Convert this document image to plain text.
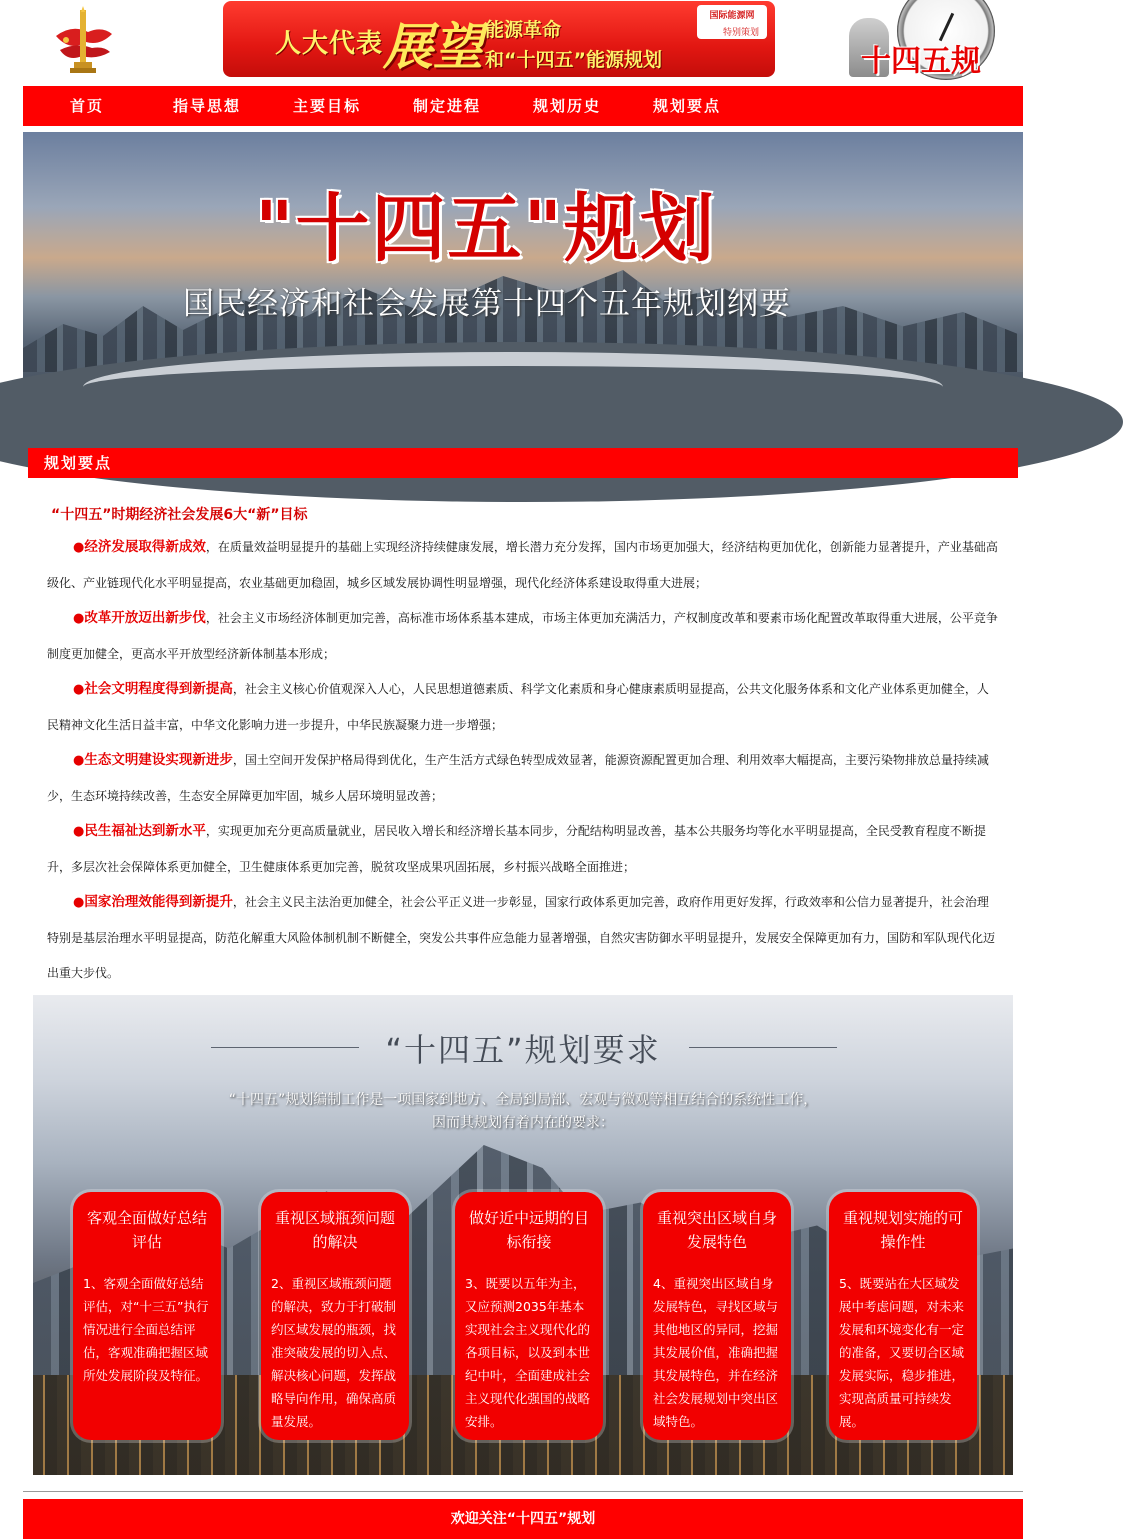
人大代表 展望 能源革命
和“十四五”能源规划
国际能源网
特别策划
十四五规
首页	指导思想	主要目标	制定进程	规划历史	规划要点
"十四五"规划
国民经济和社会发展第十四个五年规划纲要
规划要点
“十四五”时期经济社会发展6大“新”目标

●经济发展取得新成效，在质量效益明显提升的基础上实现经济持续健康发展，增长潜力充分发挥，国内市场更加强大，经济结构更加优化，创新能力显著提升，产业基础高级化、产业链现代化水平明显提高，农业基础更加稳固，城乡区域发展协调性明显增强，现代化经济体系建设取得重大进展；

●改革开放迈出新步伐，社会主义市场经济体制更加完善，高标准市场体系基本建成，市场主体更加充满活力，产权制度改革和要素市场化配置改革取得重大进展，公平竞争制度更加健全，更高水平开放型经济新体制基本形成；

●社会文明程度得到新提高，社会主义核心价值观深入人心，人民思想道德素质、科学文化素质和身心健康素质明显提高，公共文化服务体系和文化产业体系更加健全，人民精神文化生活日益丰富，中华文化影响力进一步提升，中华民族凝聚力进一步增强；

●生态文明建设实现新进步，国土空间开发保护格局得到优化，生产生活方式绿色转型成效显著，能源资源配置更加合理、利用效率大幅提高，主要污染物排放总量持续减少，生态环境持续改善，生态安全屏障更加牢固，城乡人居环境明显改善；

●民生福祉达到新水平，实现更加充分更高质量就业，居民收入增长和经济增长基本同步，分配结构明显改善，基本公共服务均等化水平明显提高，全民受教育程度不断提升，多层次社会保障体系更加健全，卫生健康体系更加完善，脱贫攻坚成果巩固拓展，乡村振兴战略全面推进；

●国家治理效能得到新提升，社会主义民主法治更加健全，社会公平正义进一步彰显，国家行政体系更加完善，政府作用更好发挥，行政效率和公信力显著提升，社会治理特别是基层治理水平明显提高，防范化解重大风险体制机制不断健全，突发公共事件应急能力显著增强，自然灾害防御水平明显提升，发展安全保障更加有力，国防和军队现代化迈出重大步伐。

“十四五”规划要求
“十四五”规划编制工作是一项国家到地方、全局到局部、宏观与微观等相互结合的系统性工作，
因而其规划有着内在的要求：
客观全面做好总结评估
1、客观全面做好总结评估，对“十三五”执行情况进行全面总结评估，客观准确把握区域所处发展阶段及特征。
重视区域瓶颈问题的解决
2、重视区域瓶颈问题的解决，致力于打破制约区域发展的瓶颈，找准突破发展的切入点、解决核心问题，发挥战略导向作用，确保高质量发展。
做好近中远期的目标衔接
3、既要以五年为主，又应预测2035年基本实现社会主义现代化的各项目标，以及到本世纪中叶，全面建成社会主义现代化强国的战略安排。
重视突出区域自身发展特色
4、重视突出区域自身发展特色，寻找区域与其他地区的异同，挖掘其发展价值，准确把握其发展特色，并在经济社会发展规划中突出区域特色。
重视规划实施的可操作性
5、既要站在大区域发展中考虑问题，对未来发展和环境变化有一定的准备，又要切合区域发展实际，稳步推进，实现高质量可持续发展。
欢迎关注“十四五”规划
